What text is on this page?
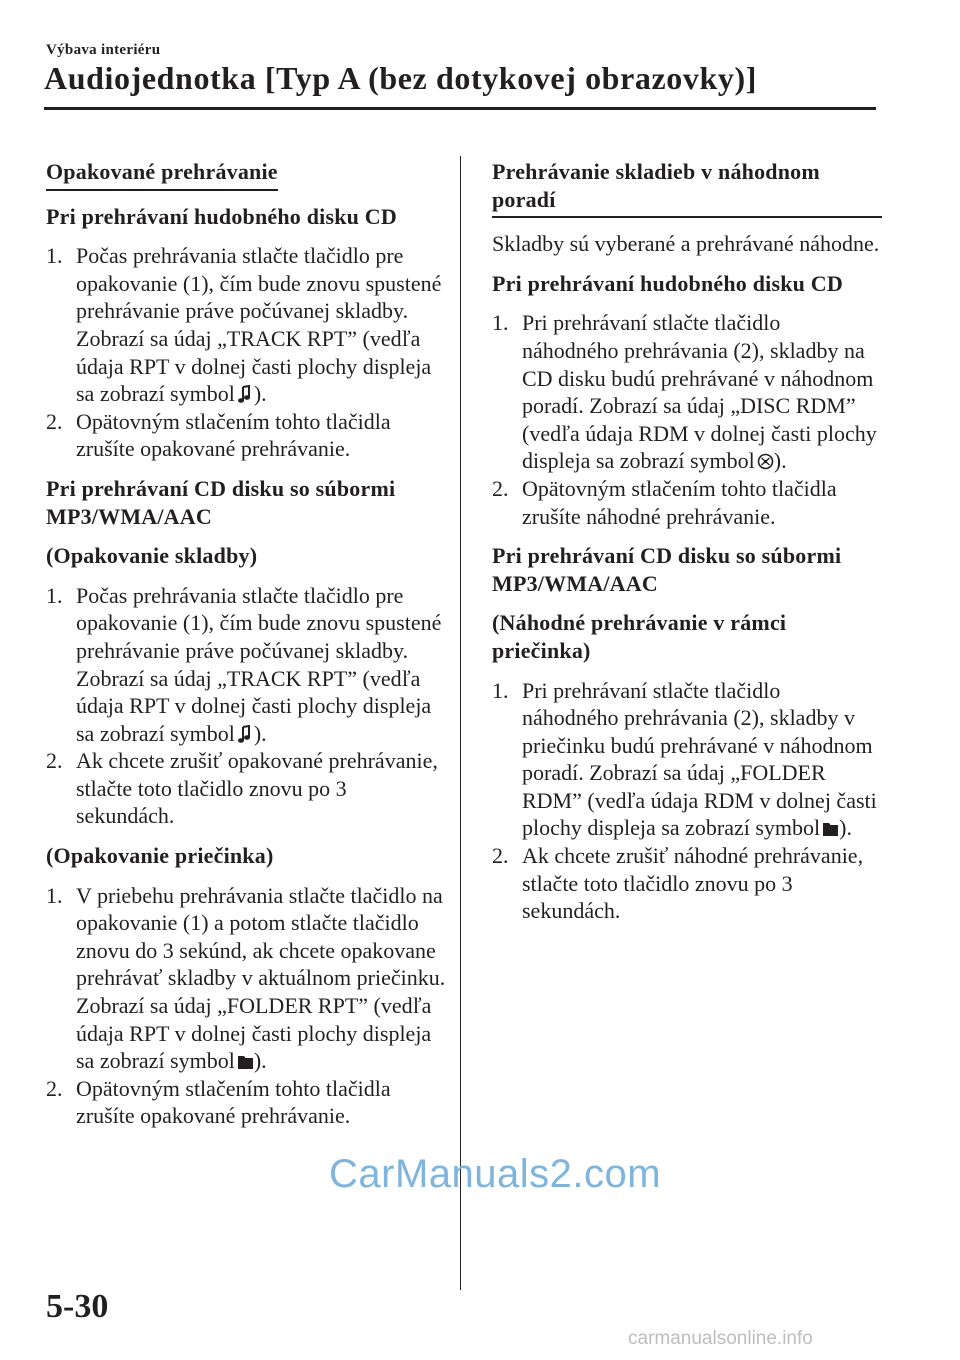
Výbava interiéru
Audiojednotka [Typ A (bez dotykovej obrazovky)]
Opakované prehrávanie
Pri prehrávaní hudobného disku CD
1. Počas prehrávania stlačte tlačidlo pre opakovanie (1), čím bude znovu spustené prehrávanie práve počúvanej skladby. Zobrazí sa údaj „TRACK RPT” (vedľa údaja RPT v dolnej časti plochy displeja sa zobrazí symbol ).
2. Opätovným stlačením tohto tlačidla zrušíte opakované prehrávanie.
Pri prehrávaní CD disku so súbormi MP3/WMA/AAC
(Opakovanie skladby)
1. Počas prehrávania stlačte tlačidlo pre opakovanie (1), čím bude znovu spustené prehrávanie práve počúvanej skladby. Zobrazí sa údaj „TRACK RPT” (vedľa údaja RPT v dolnej časti plochy displeja sa zobrazí symbol ).
2. Ak chcete zrušiť opakované prehrávanie, stlačte toto tlačidlo znovu po 3 sekundách.
(Opakovanie priečinka)
1. V priebehu prehrávania stlačte tlačidlo na opakovanie (1) a potom stlačte tlačidlo znovu do 3 sekúnd, ak chcete opakovane prehrávať skladby v aktuálnom priečinku. Zobrazí sa údaj „FOLDER RPT” (vedľa údaja RPT v dolnej časti plochy displeja sa zobrazí symbol ).
2. Opätovným stlačením tohto tlačidla zrušíte opakované prehrávanie.
Prehrávanie skladieb v náhodnom poradí
Skladby sú vyberané a prehrávané náhodne.
Pri prehrávaní hudobného disku CD
1. Pri prehrávaní stlačte tlačidlo náhodného prehrávania (2), skladby na CD disku budú prehrávané v náhodnom poradí. Zobrazí sa údaj „DISC RDM” (vedľa údaja RDM v dolnej časti plochy displeja sa zobrazí symbol ).
2. Opätovným stlačením tohto tlačidla zrušíte náhodné prehrávanie.
Pri prehrávaní CD disku so súbormi MP3/WMA/AAC
(Náhodné prehrávanie v rámci priečinka)
1. Pri prehrávaní stlačte tlačidlo náhodného prehrávania (2), skladby v priečinku budú prehrávané v náhodnom poradí. Zobrazí sa údaj „FOLDER RDM” (vedľa údaja RDM v dolnej časti plochy displeja sa zobrazí symbol ).
2. Ak chcete zrušiť náhodné prehrávanie, stlačte toto tlačidlo znovu po 3 sekundách.
CarManuals2.com
5-30
carmanualsonline.info
